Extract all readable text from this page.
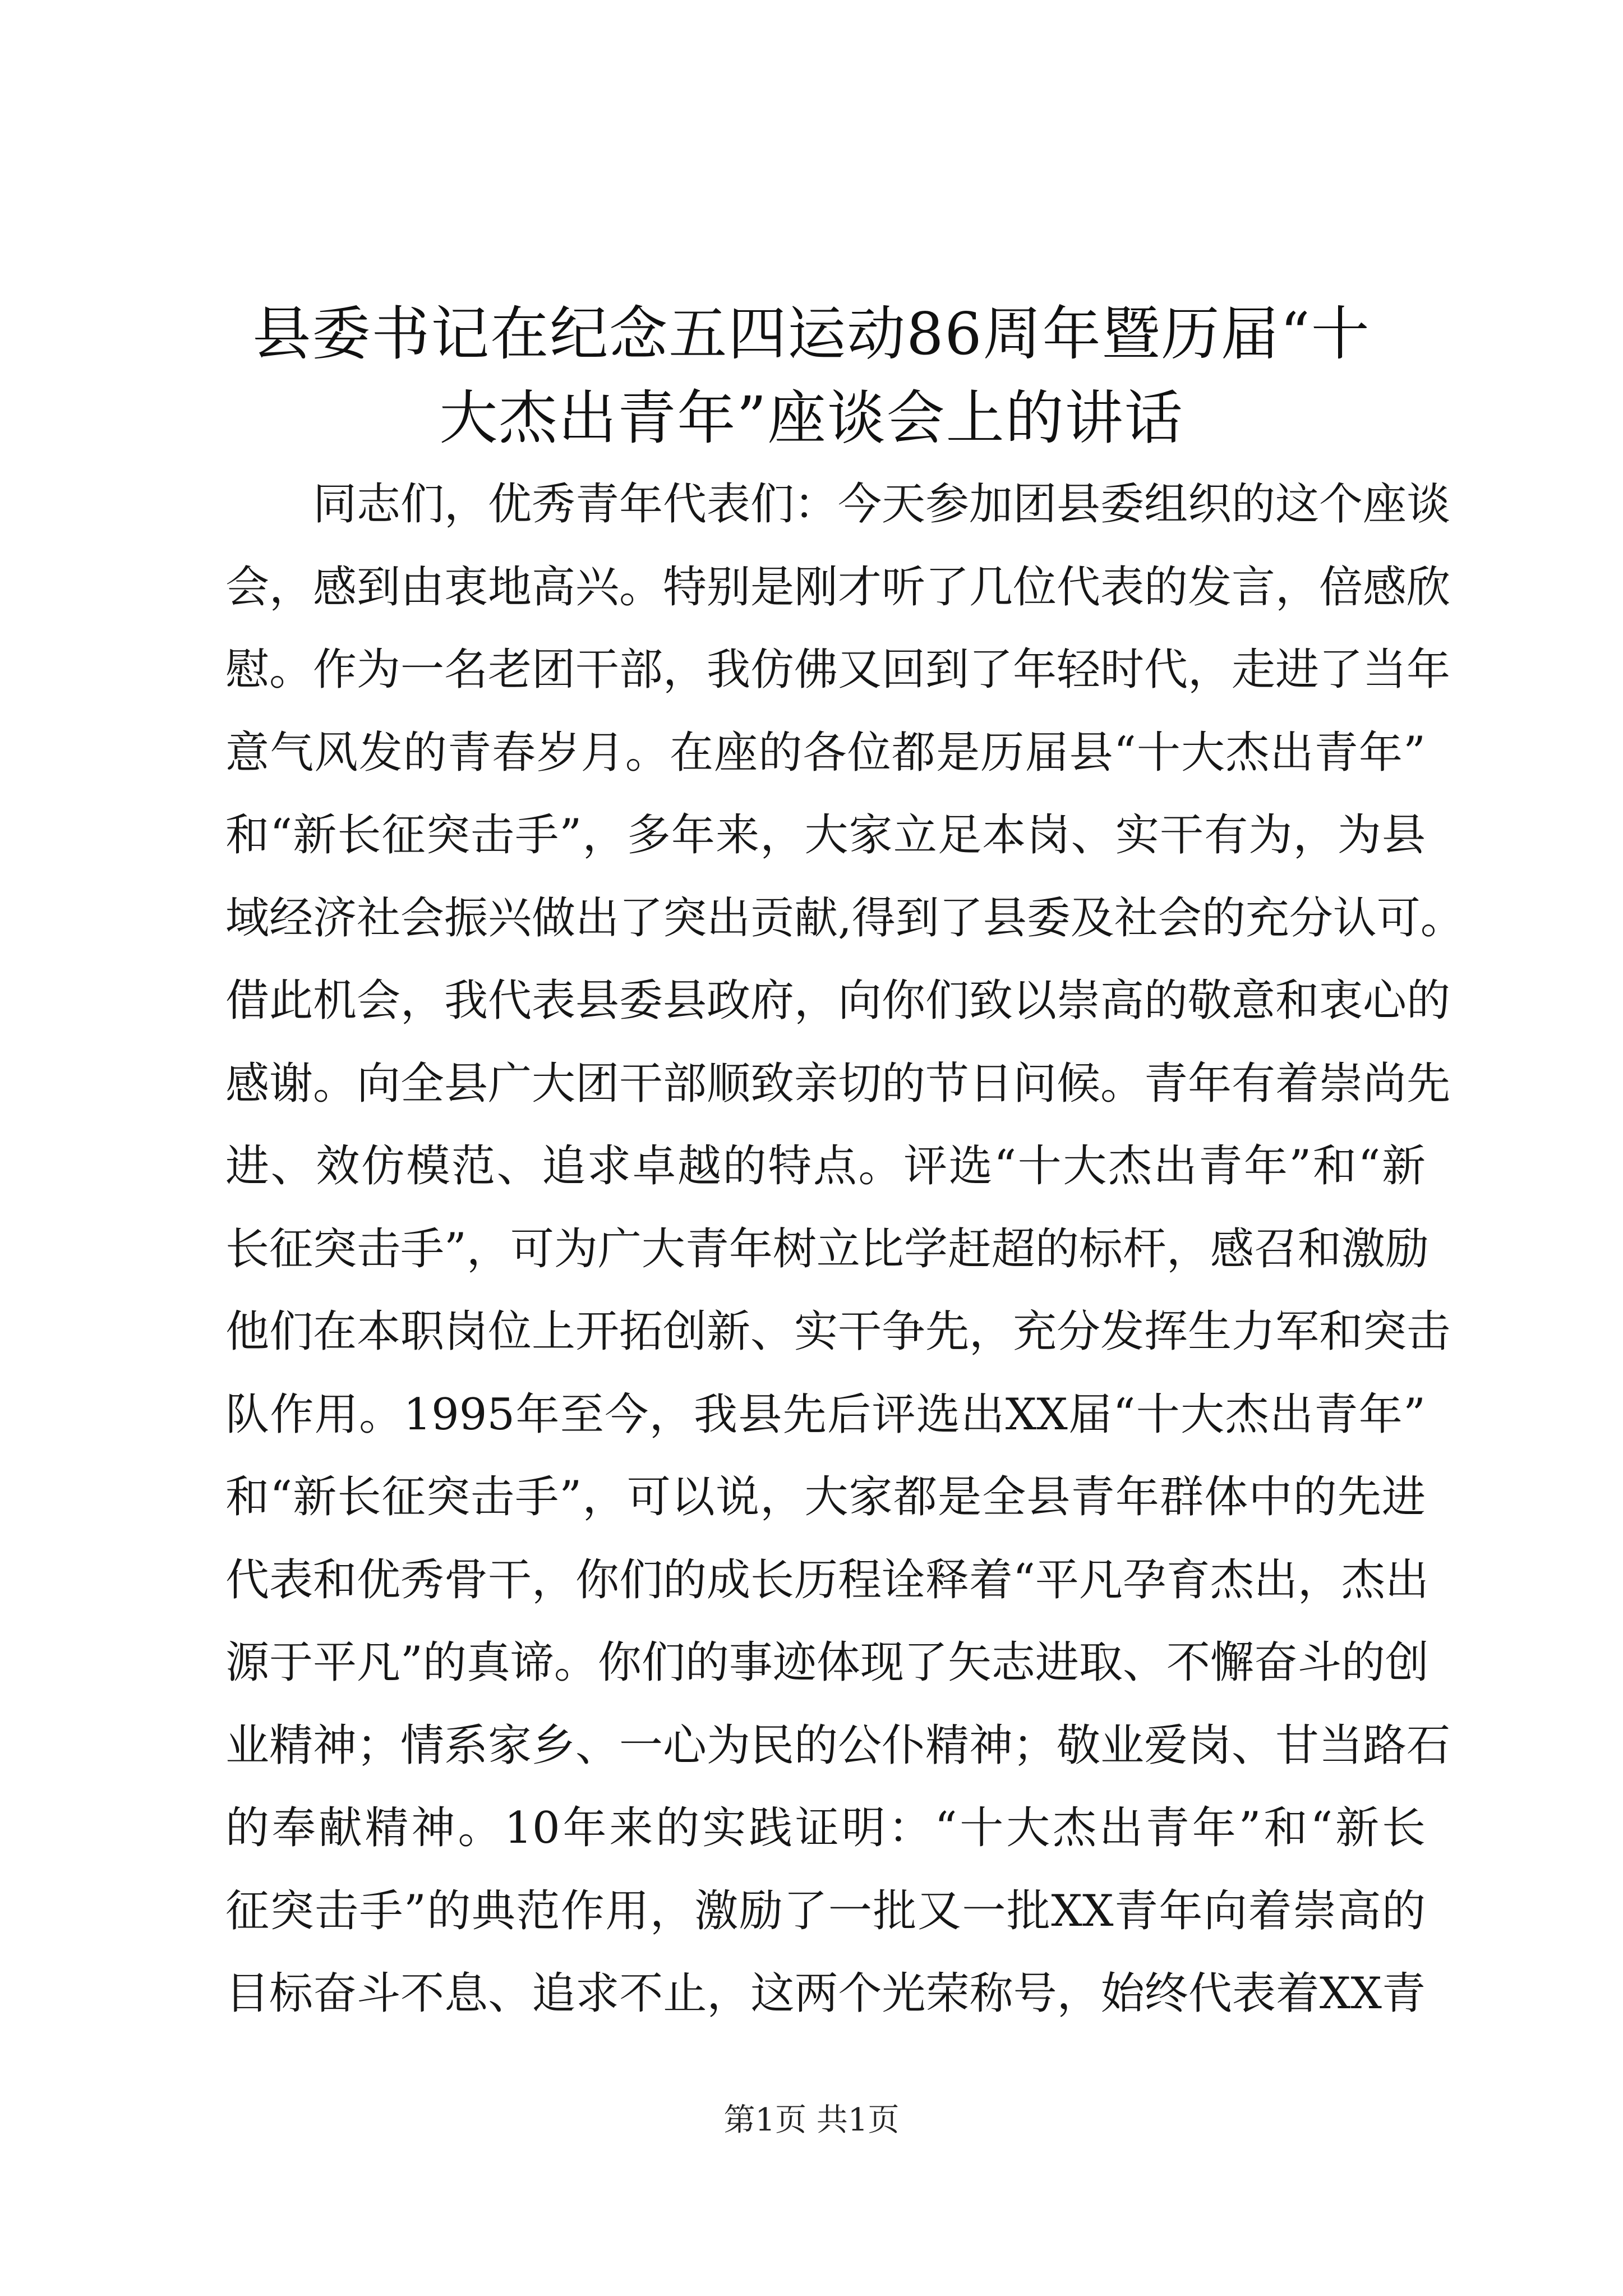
县委书记在纪念五四运动86周年暨历届“十
大杰出青年”座谈会上的讲话
同志们，优秀青年代表们：今天参加团县委组织的这个座谈
会，感到由衷地高兴。特别是刚才听了几位代表的发言，倍感欣
慰。作为一名老团干部，我仿佛又回到了年轻时代，走进了当年
意气风发的青春岁月。在座的各位都是历届县“十大杰出青年”
和“新长征突击手”，多年来，大家立足本岗、实干有为，为县
域经济社会振兴做出了突出贡献,得到了县委及社会的充分认可。
借此机会，我代表县委县政府，向你们致以崇高的敬意和衷心的
感谢。向全县广大团干部顺致亲切的节日问候。青年有着崇尚先
进、效仿模范、追求卓越的特点。评选“十大杰出青年”和“新
长征突击手”，可为广大青年树立比学赶超的标杆，感召和激励
他们在本职岗位上开拓创新、实干争先，充分发挥生力军和突击
队作用。1995年至今，我县先后评选出XX届“十大杰出青年”
和“新长征突击手”，可以说，大家都是全县青年群体中的先进
代表和优秀骨干，你们的成长历程诠释着“平凡孕育杰出，杰出
源于平凡”的真谛。你们的事迹体现了矢志进取、不懈奋斗的创
业精神；情系家乡、一心为民的公仆精神；敬业爱岗、甘当路石
的奉献精神。10年来的实践证明：“十大杰出青年”和“新长
征突击手”的典范作用，激励了一批又一批XX青年向着崇高的
目标奋斗不息、追求不止，这两个光荣称号，始终代表着XX青
第1页 共1页
